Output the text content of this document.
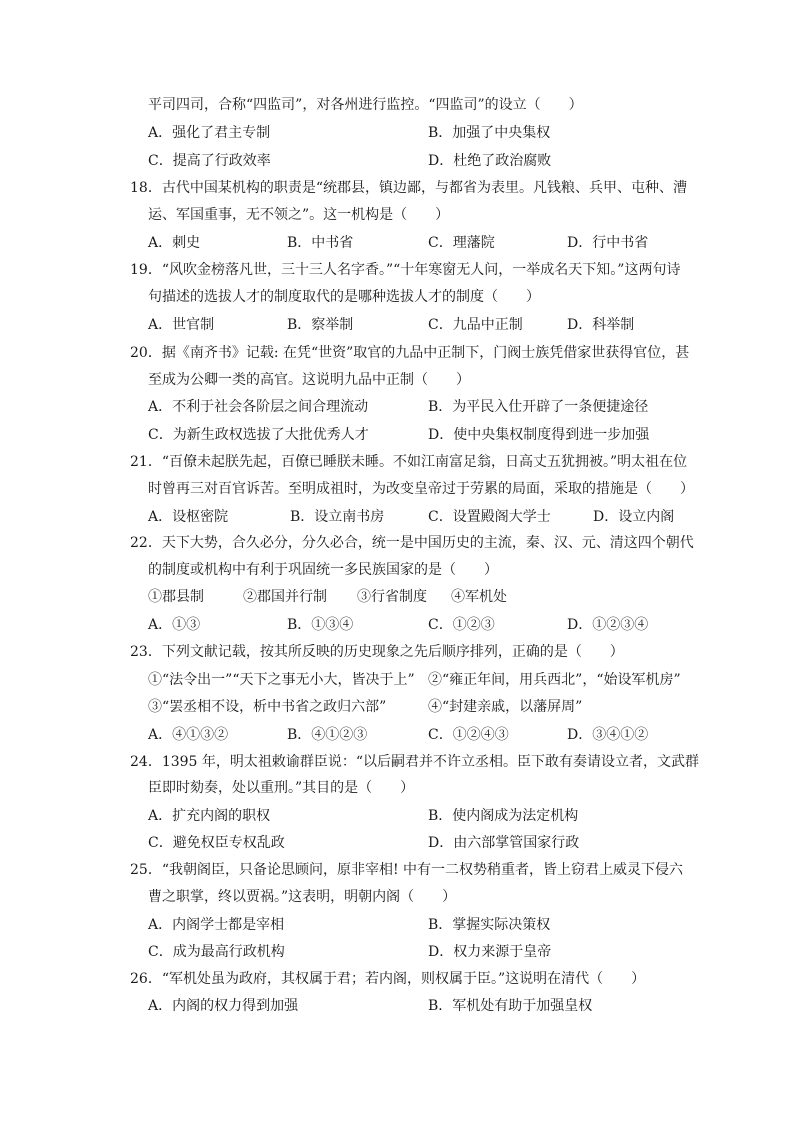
平司四司，合称“四监司”，对各州进行监控。“四监司”的设立（　　）
A．强化了君主专制	B．加强了中央集权
C．提高了行政效率	D．杜绝了政治腐败
18．古代中国某机构的职责是“统郡县，镇边鄙，与都省为表里。凡钱粮、兵甲、屯种、漕
运、军国重事，无不领之”。这一机构是（　　）
A．刺史	B．中书省	C．理藩院	D．行中书省
19．“风吹金榜落凡世，三十三人名字香。”“十年寒窗无人问，一举成名天下知。”这两句诗
句描述的选拔人才的制度取代的是哪种选拔人才的制度（　　）
A．世官制	B．察举制	C．九品中正制	D．科举制
20．据《南齐书》记载: 在凭“世资”取官的九品中正制下，门阀士族凭借家世获得官位，甚
至成为公卿一类的高官。这说明九品中正制（　　）
A．不利于社会各阶层之间合理流动	B．为平民入仕开辟了一条便捷途径
C．为新生政权选拔了大批优秀人才	D．使中央集权制度得到进一步加强
21．“百僚未起朕先起，百僚已睡朕未睡。不如江南富足翁，日高丈五犹拥被。”明太祖在位
时曾再三对百官诉苦。至明成祖时，为改变皇帝过于劳累的局面，采取的措施是（　　）
A．设枢密院	B．设立南书房	C．设置殿阁大学士	D．设立内阁
22．天下大势，合久必分，分久必合，统一是中国历史的主流，秦、汉、元、清这四个朝代
的制度或机构中有利于巩固统一多民族国家的是（　　）
①郡县制	②郡国并行制 ③行省制度 ④军机处
A．①③	B．①③④	C．①②③	D．①②③④
23．下列文献记载，按其所反映的历史现象之先后顺序排列，正确的是（　　）
①“法令出一”“天下之事无小大，皆决于上” ②“雍正年间，用兵西北”，“始设军机房”
③“罢丞相不设，析中书省之政归六部”	④“封建亲戚，以藩屏周”
A．④①③②	B．④①②③	C．①②④③	D．③④①②
24．1395 年，明太祖敕谕群臣说：“以后嗣君并不许立丞相。臣下敢有奏请设立者，文武群
臣即时劾奏，处以重刑。”其目的是（　　）
A．扩充内阁的职权	B．使内阁成为法定机构
C．避免权臣专权乱政	D．由六部掌管国家行政
25．“我朝阁臣，只备论思顾问，原非宰相! 中有一二权势稍重者，皆上窃君上威灵下侵六
曹之职掌，终以贾祸。”这表明，明朝内阁（　　）
A．内阁学士都是宰相	B．掌握实际决策权
C．成为最高行政机构	D．权力来源于皇帝
26．“军机处虽为政府，其权属于君；若内阁，则权属于臣。”这说明在清代（　　）
A．内阁的权力得到加强	B．军机处有助于加强皇权
